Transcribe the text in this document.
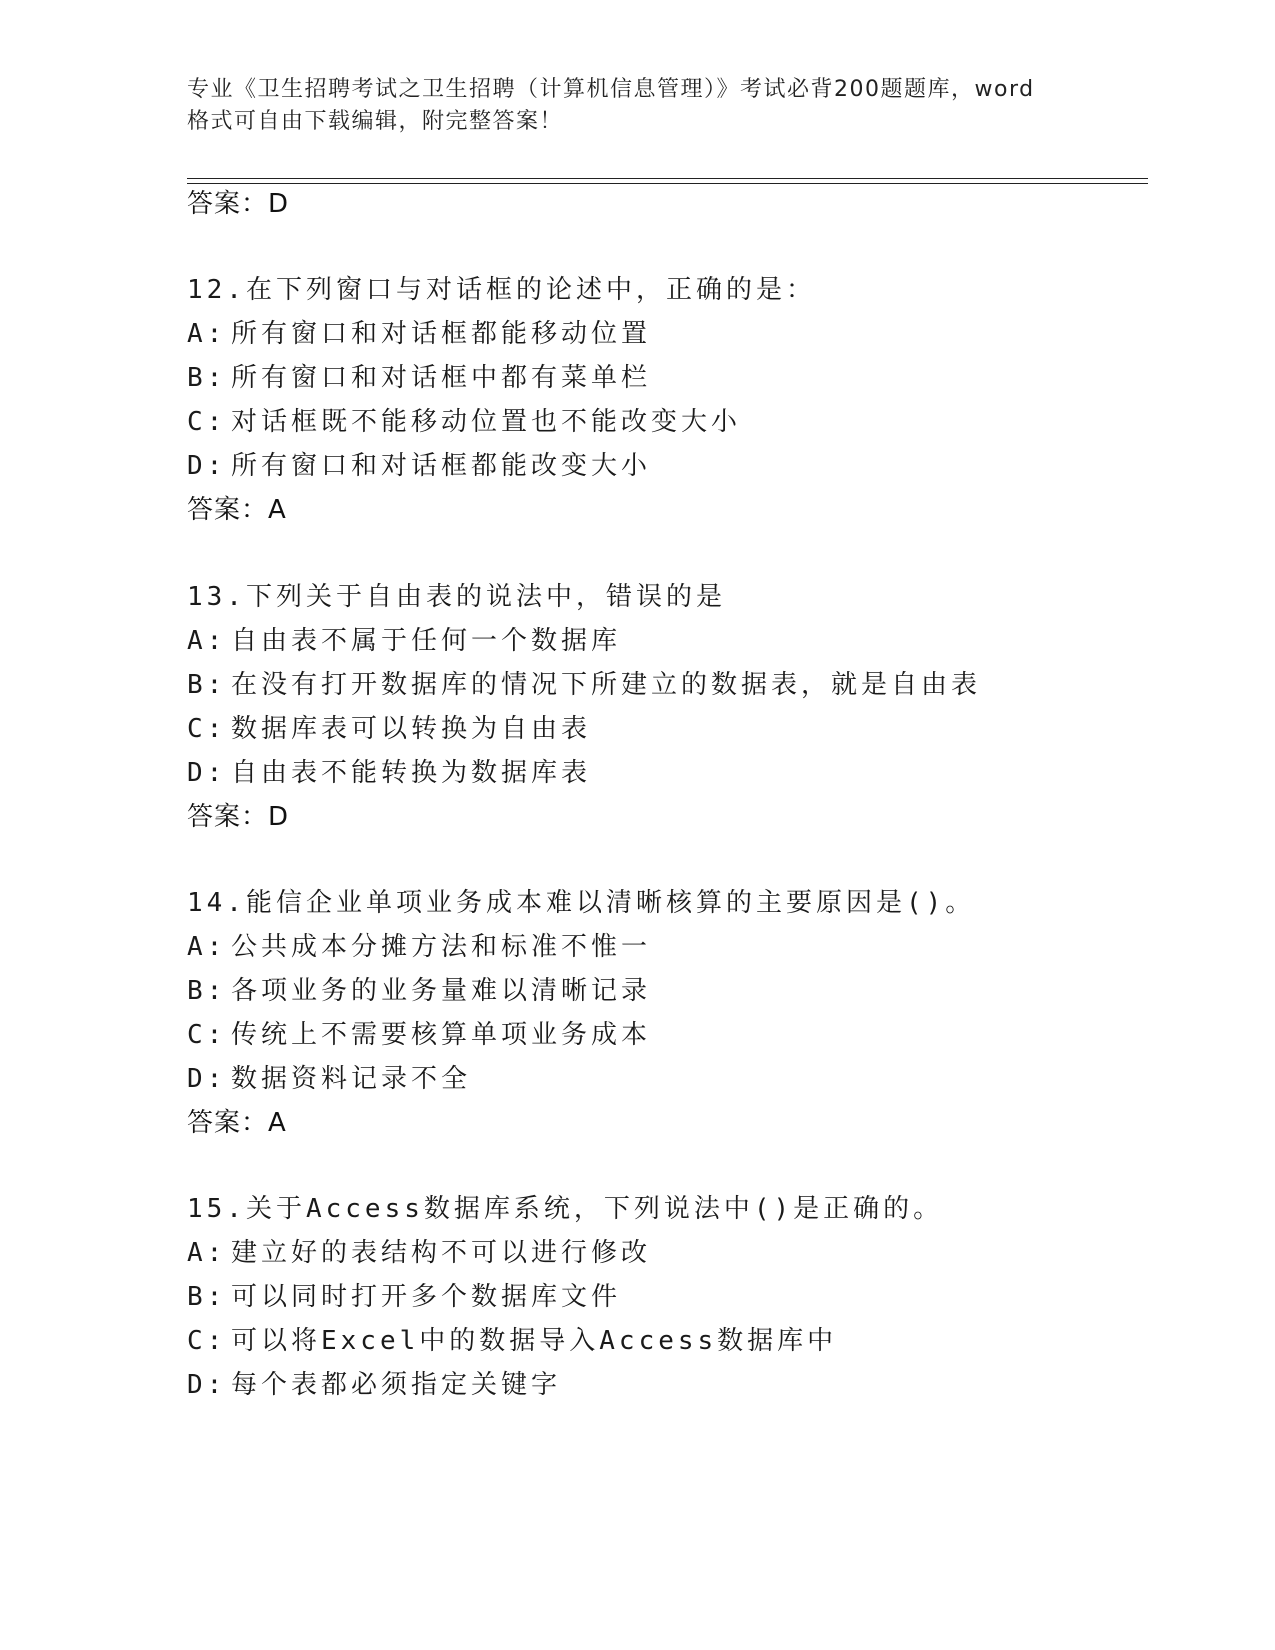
专业《卫生招聘考试之卫生招聘（计算机信息管理）》考试必背200题题库，word
格式可自由下载编辑，附完整答案！
答案：D
12.在下列窗口与对话框的论述中，正确的是：
A: 所有窗口和对话框都能移动位置
B: 所有窗口和对话框中都有菜单栏
C: 对话框既不能移动位置也不能改变大小
D: 所有窗口和对话框都能改变大小
答案：A
13.下列关于自由表的说法中，错误的是
A: 自由表不属于任何一个数据库
B: 在没有打开数据库的情况下所建立的数据表，就是自由表
C: 数据库表可以转换为自由表
D: 自由表不能转换为数据库表
答案：D
14.能信企业单项业务成本难以清晰核算的主要原因是()。
A: 公共成本分摊方法和标准不惟一
B: 各项业务的业务量难以清晰记录
C: 传统上不需要核算单项业务成本
D: 数据资料记录不全
答案：A
15.关于Access数据库系统，下列说法中()是正确的。
A: 建立好的表结构不可以进行修改
B: 可以同时打开多个数据库文件
C: 可以将Excel中的数据导入Access数据库中
D: 每个表都必须指定关键字
